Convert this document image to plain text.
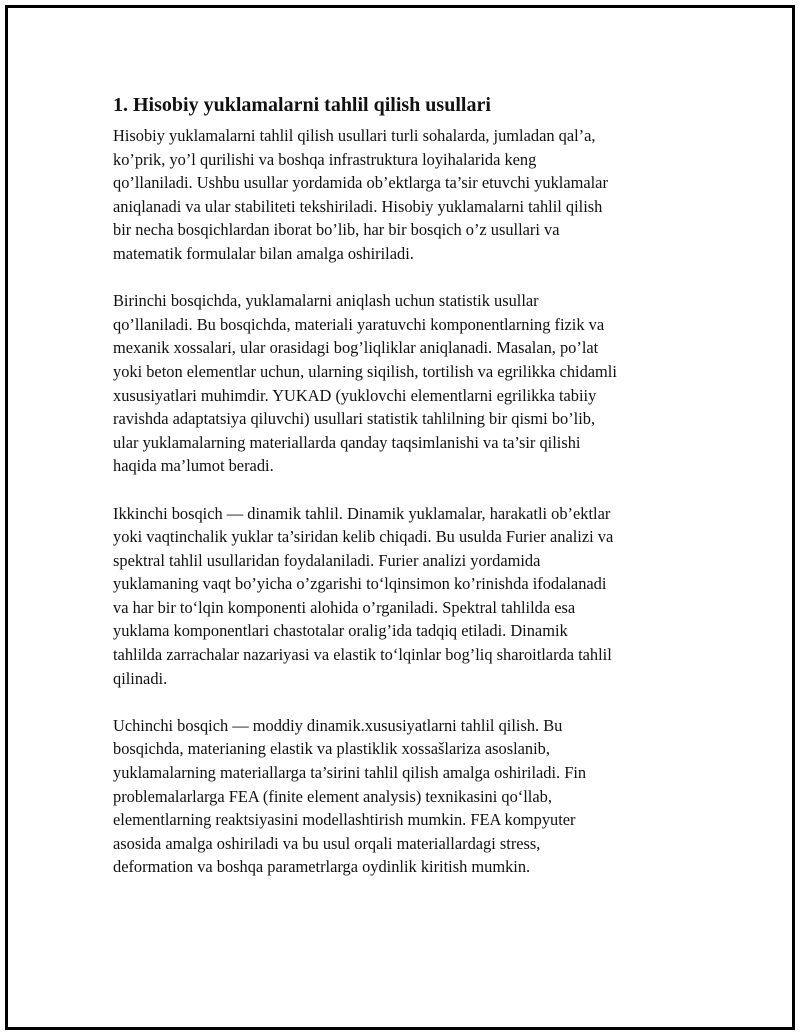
1. Hisobiy yuklamalarni tahlil qilish usullari
Hisobiy yuklamalarni tahlil qilish usullari turli sohalarda, jumladan qal’a,
ko’prik, yo’l qurilishi va boshqa infrastruktura loyihalarida keng
qo’llaniladi. Ushbu usullar yordamida ob’ektlarga ta’sir etuvchi yuklamalar
aniqlanadi va ular stabiliteti tekshiriladi. Hisobiy yuklamalarni tahlil qilish
bir necha bosqichlardan iborat bo’lib, har bir bosqich o’z usullari va
matematik formulalar bilan amalga oshiriladi.
Birinchi bosqichda, yuklamalarni aniqlash uchun statistik usullar
qo’llaniladi. Bu bosqichda, materiali yaratuvchi komponentlarning fizik va
mexanik xossalari, ular orasidagi bog’liqliklar aniqlanadi. Masalan, po’lat
yoki beton elementlar uchun, ularning siqilish, tortilish va egrilikka chidamli
xususiyatlari muhimdir. YUKAD (yuklovchi elementlarni egrilikka tabiiy
ravishda adaptatsiya qiluvchi) usullari statistik tahlilning bir qismi bo’lib,
ular yuklamalarning materiallarda qanday taqsimlanishi va ta’sir qilishi
haqida ma’lumot beradi.
Ikkinchi bosqich — dinamik tahlil. Dinamik yuklamalar, harakatli ob’ektlar
yoki vaqtinchalik yuklar ta’siridan kelib chiqadi. Bu usulda Furier analizi va
spektral tahlil usullaridan foydalaniladi. Furier analizi yordamida
yuklamaning vaqt bo’yicha o’zgarishi to‘lqinsimon ko’rinishda ifodalanadi
va har bir to‘lqin komponenti alohida o’rganiladi. Spektral tahlilda esa
yuklama komponentlari chastotalar oralig’ida tadqiq etiladi. Dinamik
tahlilda zarrachalar nazariyasi va elastik to‘lqinlar bog’liq sharoitlarda tahlil
qilinadi.
Uchinchi bosqich — moddiy dinamik.xususiyatlarni tahlil qilish. Bu
bosqichda, materianing elastik va plastiklik xossašlariza asoslanib,
yuklamalarning materiallarga ta’sirini tahlil qilish amalga oshiriladi. Fin
problemalarlarga FEA (finite element analysis) texnikasini qo‘llab,
elementlarning reaktsiyasini modellashtirish mumkin. FEA kompyuter
asosida amalga oshiriladi va bu usul orqali materiallardagi stress,
deformation va boshqa parametrlarga oydinlik kiritish mumkin.
